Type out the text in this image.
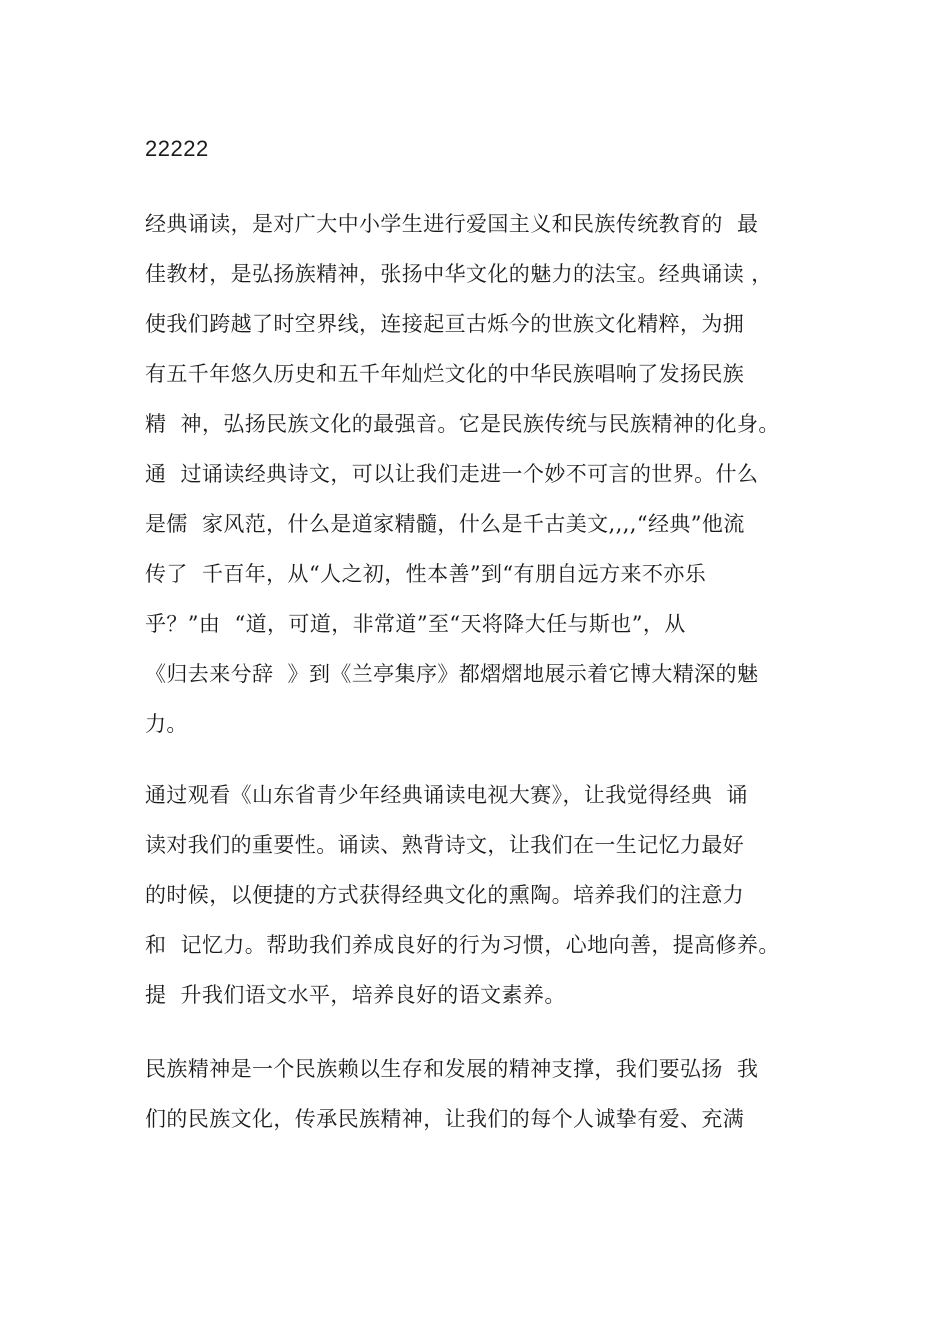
22222

经典诵读，是对广大中小学生进行爱国主义和民族传统教育的  最
佳教材，是弘扬族精神，张扬中华文化的魅力的法宝。经典诵读 ，
使我们跨越了时空界线，连接起亘古烁今的世族文化精粹，为拥
有五千年悠久历史和五千年灿烂文化的中华民族唱响了发扬民族
精  神，弘扬民族文化的最强音。它是民族传统与民族精神的化身。
通  过诵读经典诗文，可以让我们走进一个妙不可言的世界。什么
是儒  家风范，什么是道家精髓，什么是千古美文,,,,“经典”他流
传了  千百年，从“人之初，性本善”到“有朋自远方来不亦乐
乎？”由  “道，可道，非常道”至“天将降大任与斯也”，从
《归去来兮辞  》到《兰亭集序》都熠熠地展示着它博大精深的魅
力。
通过观看《山东省青少年经典诵读电视大赛》，让我觉得经典  诵
读对我们的重要性。诵读、熟背诗文，让我们在一生记忆力最好
的时候，以便捷的方式获得经典文化的熏陶。培养我们的注意力
和  记忆力。帮助我们养成良好的行为习惯，心地向善，提高修养。
提  升我们语文水平，培养良好的语文素养。
民族精神是一个民族赖以生存和发展的精神支撑，我们要弘扬  我
们的民族文化，传承民族精神，让我们的每个人诚挚有爱、充满
